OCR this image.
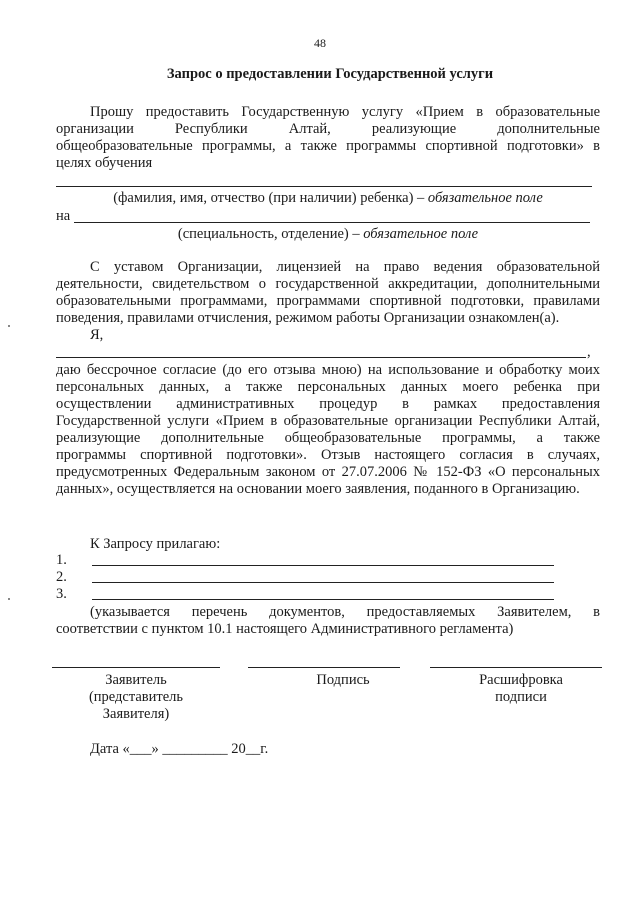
48
Запрос о предоставлении Государственной услуги
Прошу предоставить Государственную услугу «Прием в образовательные
организации Республики Алтай, реализующие дополнительные
общеобразовательные программы, а также программы спортивной подготовки» в
целях обучения
(фамилия, имя, отчество (при наличии) ребенка) – обязательное поле
на
(специальность, отделение) – обязательное поле
С уставом Организации, лицензией на право ведения образовательной
деятельности, свидетельством о государственной аккредитации, дополнительными
образовательными программами, программами спортивной подготовки, правилами
поведения, правилами отчисления, режимом работы Организации ознакомлен(а).
Я,
,
даю бессрочное согласие (до его отзыва мною) на использование и обработку моих
персональных данных, а также персональных данных моего ребенка при
осуществлении административных процедур в рамках предоставления
Государственной услуги «Прием в образовательные организации Республики Алтай,
реализующие дополнительные общеобразовательные программы, а также
программы спортивной подготовки». Отзыв настоящего согласия в случаях,
предусмотренных Федеральным законом от 27.07.2006 № 152-ФЗ «О персональных
данных», осуществляется на основании моего заявления, поданного в Организацию.
К Запросу прилагаю:
1.
2.
3.
(указывается перечень документов, предоставляемых Заявителем, в
соответствии с пунктом 10.1 настоящего Административного регламента)
Заявитель
(представитель
Заявителя)
Подпись	Расшифровка
подписи
Дата «___» _________ 20__г.
